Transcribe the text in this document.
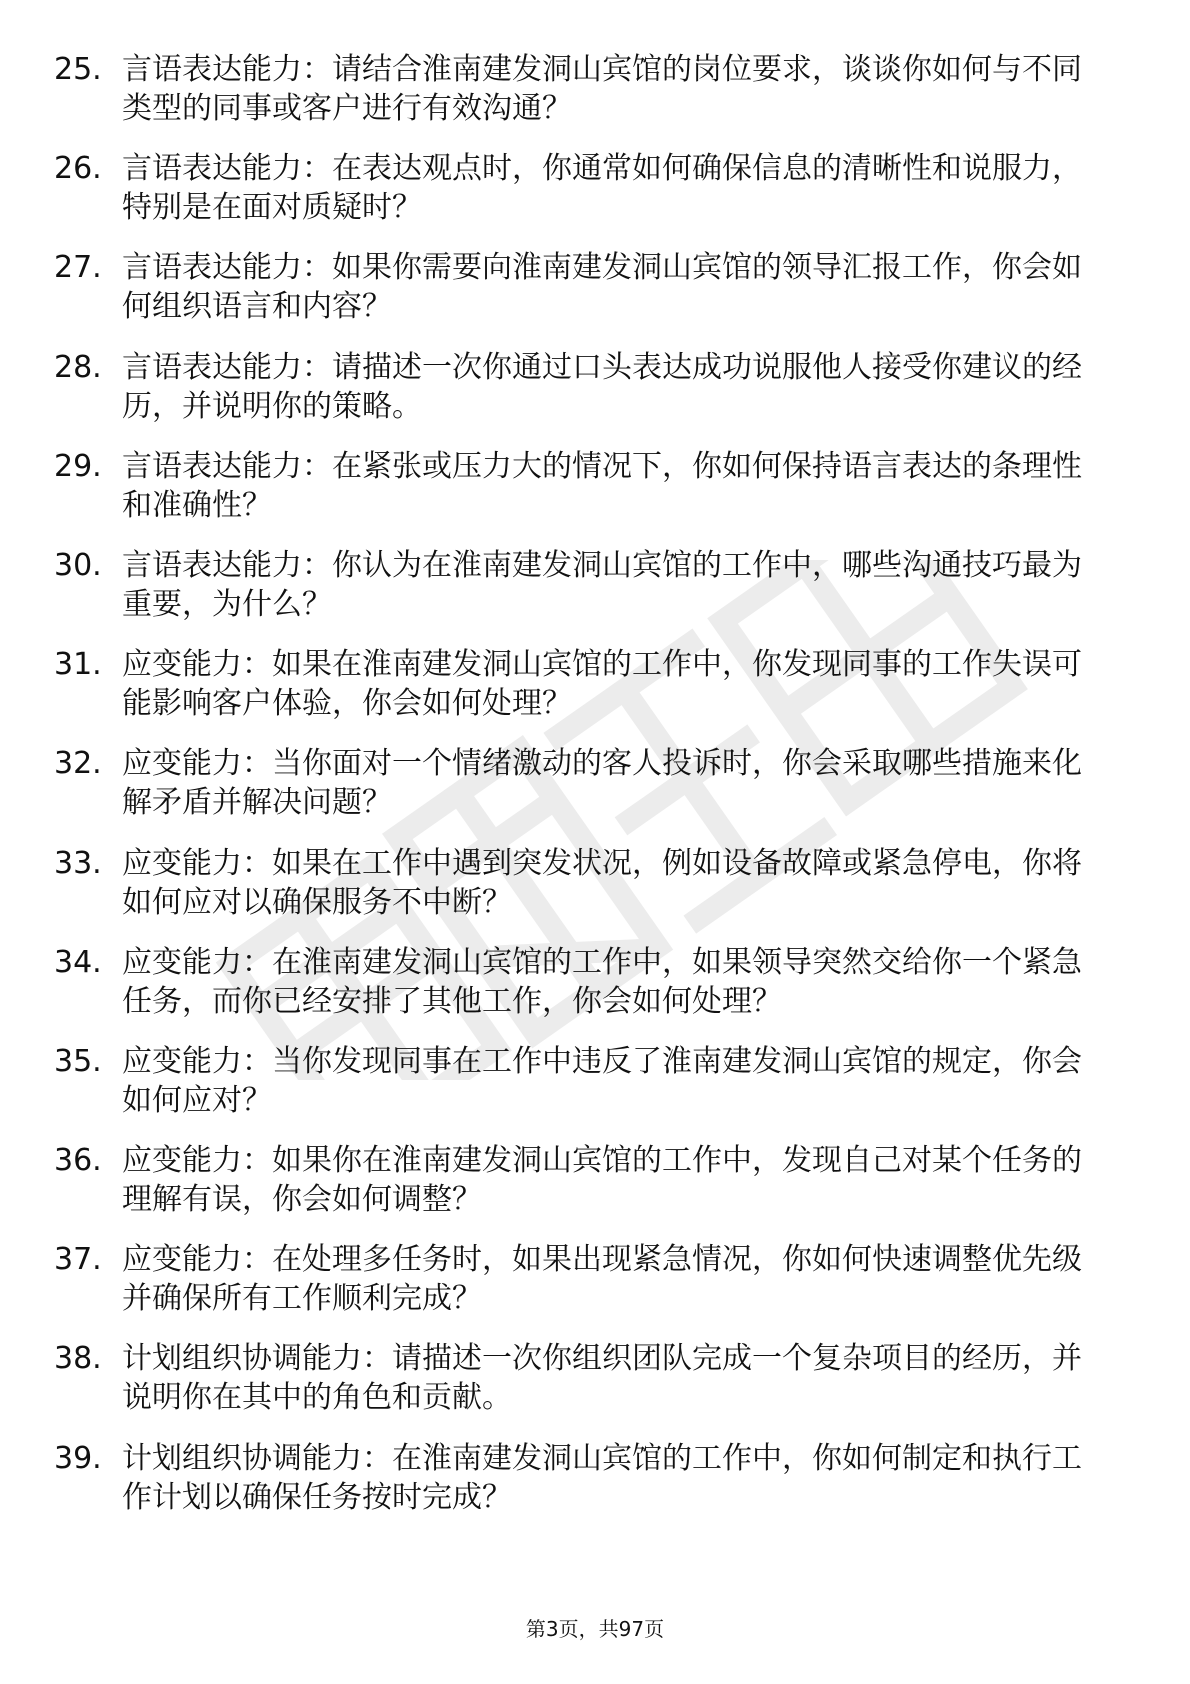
25. 言语表达能力：请结合淮南建发洞山宾馆的岗位要求，谈谈你如何与不同类型的同事或客户进行有效沟通？
26. 言语表达能力：在表达观点时，你通常如何确保信息的清晰性和说服力，特别是在面对质疑时？
27. 言语表达能力：如果你需要向淮南建发洞山宾馆的领导汇报工作，你会如何组织语言和内容？
28. 言语表达能力：请描述一次你通过口头表达成功说服他人接受你建议的经历，并说明你的策略。
29. 言语表达能力：在紧张或压力大的情况下，你如何保持语言表达的条理性和准确性？
30. 言语表达能力：你认为在淮南建发洞山宾馆的工作中，哪些沟通技巧最为重要，为什么？
31. 应变能力：如果在淮南建发洞山宾馆的工作中，你发现同事的工作失误可能影响客户体验，你会如何处理？
32. 应变能力：当你面对一个情绪激动的客人投诉时，你会采取哪些措施来化解矛盾并解决问题？
33. 应变能力：如果在工作中遇到突发状况，例如设备故障或紧急停电，你将如何应对以确保服务不中断？
34. 应变能力：在淮南建发洞山宾馆的工作中，如果领导突然交给你一个紧急任务，而你已经安排了其他工作，你会如何处理？
35. 应变能力：当你发现同事在工作中违反了淮南建发洞山宾馆的规定，你会如何应对？
36. 应变能力：如果你在淮南建发洞山宾馆的工作中，发现自己对某个任务的理解有误，你会如何调整？
37. 应变能力：在处理多任务时，如果出现紧急情况，你如何快速调整优先级并确保所有工作顺利完成？
38. 计划组织协调能力：请描述一次你组织团队完成一个复杂项目的经历，并说明你在其中的角色和贡献。
39. 计划组织协调能力：在淮南建发洞山宾馆的工作中，你如何制定和执行工作计划以确保任务按时完成？
第3页，共97页
